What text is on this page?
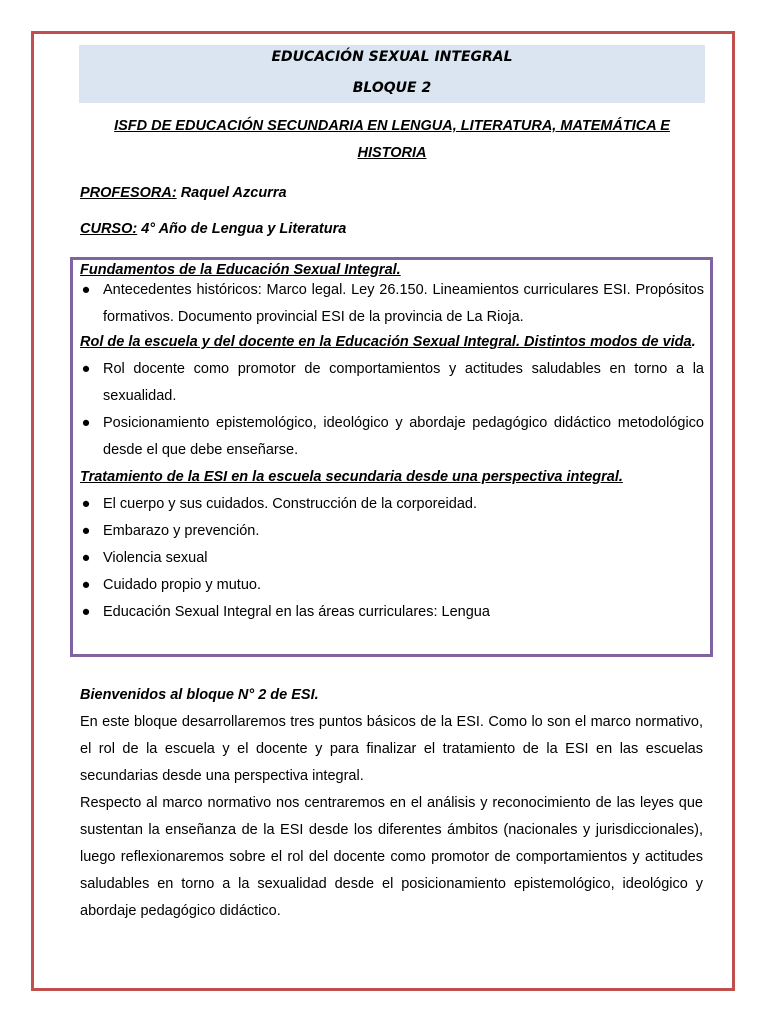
EDUCACIÓN SEXUAL INTEGRAL
BLOQUE 2
ISFD DE EDUCACIÓN SECUNDARIA EN LENGUA, LITERATURA, MATEMÁTICA E HISTORIA
PROFESORA: Raquel Azcurra
CURSO: 4° Año de Lengua y Literatura
Fundamentos de la Educación Sexual Integral.
● Antecedentes históricos: Marco legal. Ley 26.150. Lineamientos curriculares ESI. Propósitos formativos. Documento provincial ESI de la provincia de La Rioja.
Rol de la escuela y del docente en la Educación Sexual Integral. Distintos modos de vida.
● Rol docente como promotor de comportamientos y actitudes saludables en torno a la sexualidad.
● Posicionamiento epistemológico, ideológico y abordaje pedagógico didáctico metodológico desde el que debe enseñarse.
Tratamiento de la ESI en la escuela secundaria desde una perspectiva integral.
● El cuerpo y sus cuidados. Construcción de la corporeidad.
● Embarazo y prevención.
● Violencia sexual
● Cuidado propio y mutuo.
● Educación Sexual Integral en las áreas curriculares: Lengua
Bienvenidos al bloque N° 2 de ESI.

En este bloque desarrollaremos tres puntos básicos de la ESI. Como lo son el marco normativo, el rol de la escuela y el docente y para finalizar el tratamiento de la ESI en las escuelas secundarias desde una perspectiva integral.

Respecto al marco normativo nos centraremos en el análisis y reconocimiento de las leyes que sustentan la enseñanza de la ESI desde los diferentes ámbitos (nacionales y jurisdiccionales), luego reflexionaremos sobre el rol del docente como promotor de comportamientos y actitudes saludables en torno a la sexualidad desde el posicionamiento epistemológico, ideológico y abordaje pedagógico didáctico.
